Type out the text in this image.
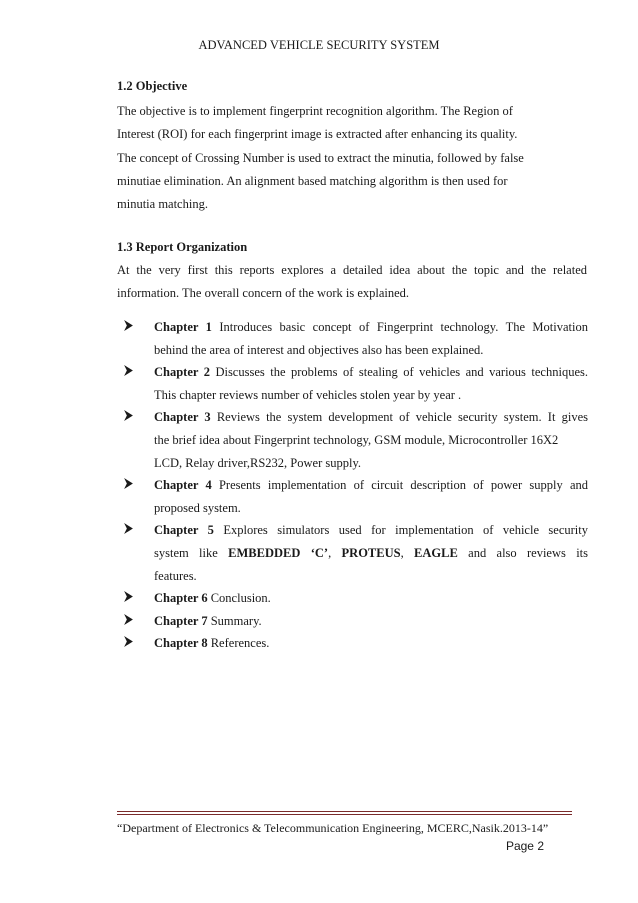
ADVANCED VEHICLE SECURITY SYSTEM
1.2 Objective
The objective is to implement fingerprint recognition algorithm. The Region of
Interest (ROI) for each fingerprint image is extracted after enhancing its quality.
The concept of Crossing Number is used to extract the minutia, followed by false
minutiae elimination. An alignment based matching algorithm is then used for
minutia matching.
1.3 Report Organization
At the very first this reports explores a detailed idea about the topic and the related
information. The overall concern of the work is explained.
Chapter 1 Introduces basic concept of Fingerprint technology. The Motivation
behind the area of interest and objectives also has been explained.
Chapter 2 Discusses the problems of stealing of vehicles and various techniques.
This chapter reviews number of vehicles stolen year by year .
Chapter 3 Reviews the system development of vehicle security system. It gives
the brief idea about Fingerprint technology, GSM module, Microcontroller 16X2
LCD, Relay driver,RS232, Power supply.
Chapter 4 Presents implementation of circuit description of power supply and
proposed system.
Chapter 5 Explores simulators used for implementation of vehicle security
system like EMBEDDED ‘C’, PROTEUS, EAGLE and also reviews its
features.
Chapter 6 Conclusion.
Chapter 7 Summary.
Chapter 8 References.
“Department of Electronics & Telecommunication Engineering, MCERC,Nasik.2013-14”
Page 2
